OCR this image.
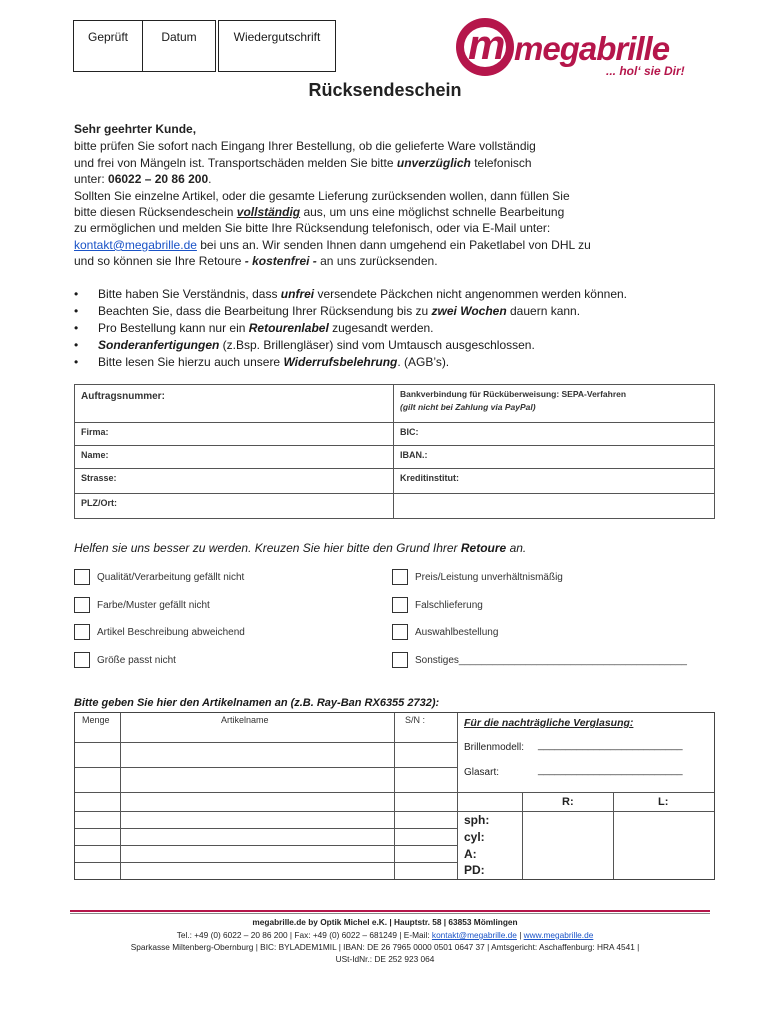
Geprüft	Datum	Wiedergutschrift	m megabrille
... hol‘ sie Dir!
Rücksendeschein

Sehr geehrter Kunde,

bitte prüfen Sie sofort nach Eingang Ihrer Bestellung, ob die gelieferte Ware vollständig

und frei von Mängeln ist. Transportschäden melden Sie bitte unverzüglich telefonisch

unter: 06022 – 20 86 200.

Sollten Sie einzelne Artikel, oder die gesamte Lieferung zurücksenden wollen, dann füllen Sie

bitte diesen Rücksendeschein vollständig aus, um uns eine möglichst schnelle Bearbeitung

zu ermöglichen und melden Sie bitte Ihre Rücksendung telefonisch, oder via E-Mail unter:

kontakt@megabrille.de bei uns an. Wir senden Ihnen dann umgehend ein Paketlabel von DHL zu

und so können sie Ihre Retoure - kostenfrei - an uns zurücksenden.

• Bitte haben Sie Verständnis, dass unfrei versendete Päckchen nicht angenommen werden können.
• Beachten Sie, dass die Bearbeitung Ihrer Rücksendung bis zu zwei Wochen dauern kann.
• Pro Bestellung kann nur ein Retourenlabel zugesandt werden.
• Sonderanfertigungen (z.Bsp. Brillengläser) sind vom Umtausch ausgeschlossen.
• Bitte lesen Sie hierzu auch unsere Widerrufsbelehrung. (AGB’s).
Auftragsnummer:	Bankverbindung für Rücküberweisung: SEPA-Verfahren
(gilt nicht bei Zahlung via PayPal)

Firma:	BIC:
Name:	IBAN.:
Strasse:	Kreditinstitut:
PLZ/Ort:	
Helfen sie uns besser zu werden. Kreuzen Sie hier bitte den Grund Ihrer Retoure an.
Qualität/Verarbeitung gefällt nicht
Farbe/Muster gefällt nicht
Artikel Beschreibung abweichend
Größe passt nicht
Preis/Leistung unverhältnismäßig
Falschlieferung
Auswahlbestellung
Sonstiges_________________________________________
Bitte geben Sie hier den Artikelnamen an (z.B. Ray-Ban RX6355 2732):
Menge	Artikelname	S/N :	Für die nachträgliche Verglasung:
Brillenmodell: __________________________
Glasart:	__________________________
R:	L:
sph:
cyl:
A:
PD:
megabrille.de by Optik Michel e.K. | Hauptstr. 58 | 63853 Mömlingen
Tel.: +49 (0) 6022 – 20 86 200 | Fax: +49 (0) 6022 – 681249 | E-Mail: kontakt@megabrille.de | www.megabrille.de
Sparkasse Miltenberg-Obernburg | BIC: BYLADEM1MIL | IBAN: DE 26 7965 0000 0501 0647 37 | Amtsgericht: Aschaffenburg: HRA 4541 |
USt-IdNr.: DE 252 923 064
